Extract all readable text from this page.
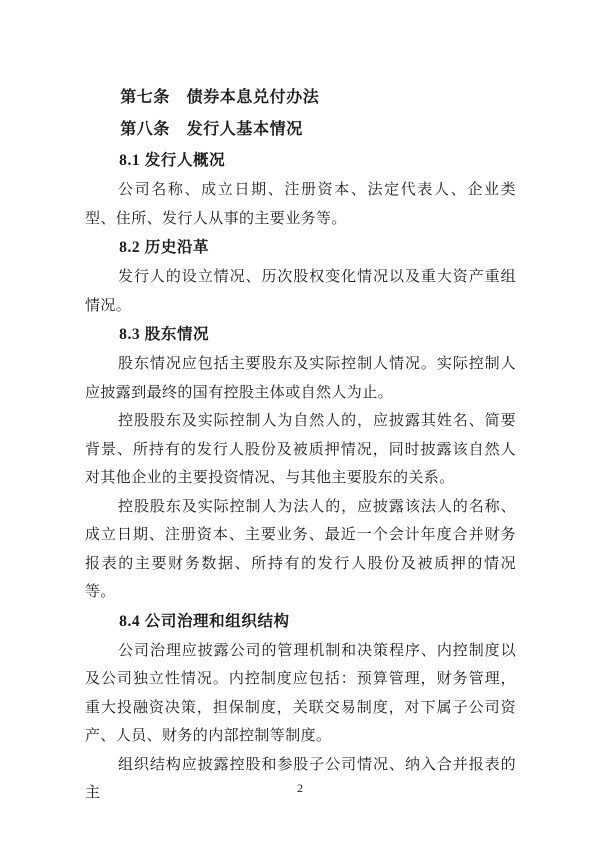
第七条　债券本息兑付办法
第八条　发行人基本情况
8.1 发行人概况
公司名称、成立日期、注册资本、法定代表人、企业类型、住所、发行人从事的主要业务等。
8.2 历史沿革
发行人的设立情况、历次股权变化情况以及重大资产重组情况。
8.3 股东情况
股东情况应包括主要股东及实际控制人情况。实际控制人应披露到最终的国有控股主体或自然人为止。
控股股东及实际控制人为自然人的，应披露其姓名、简要背景、所持有的发行人股份及被质押情况，同时披露该自然人对其他企业的主要投资情况、与其他主要股东的关系。
控股股东及实际控制人为法人的，应披露该法人的名称、成立日期、注册资本、主要业务、最近一个会计年度合并财务报表的主要财务数据、所持有的发行人股份及被质押的情况等。
8.4 公司治理和组织结构
公司治理应披露公司的管理机制和决策程序、内控制度以及公司独立性情况。内控制度应包括：预算管理，财务管理，重大投融资决策，担保制度，关联交易制度，对下属子公司资产、人员、财务的内部控制等制度。
组织结构应披露控股和参股子公司情况、纳入合并报表的主	2
